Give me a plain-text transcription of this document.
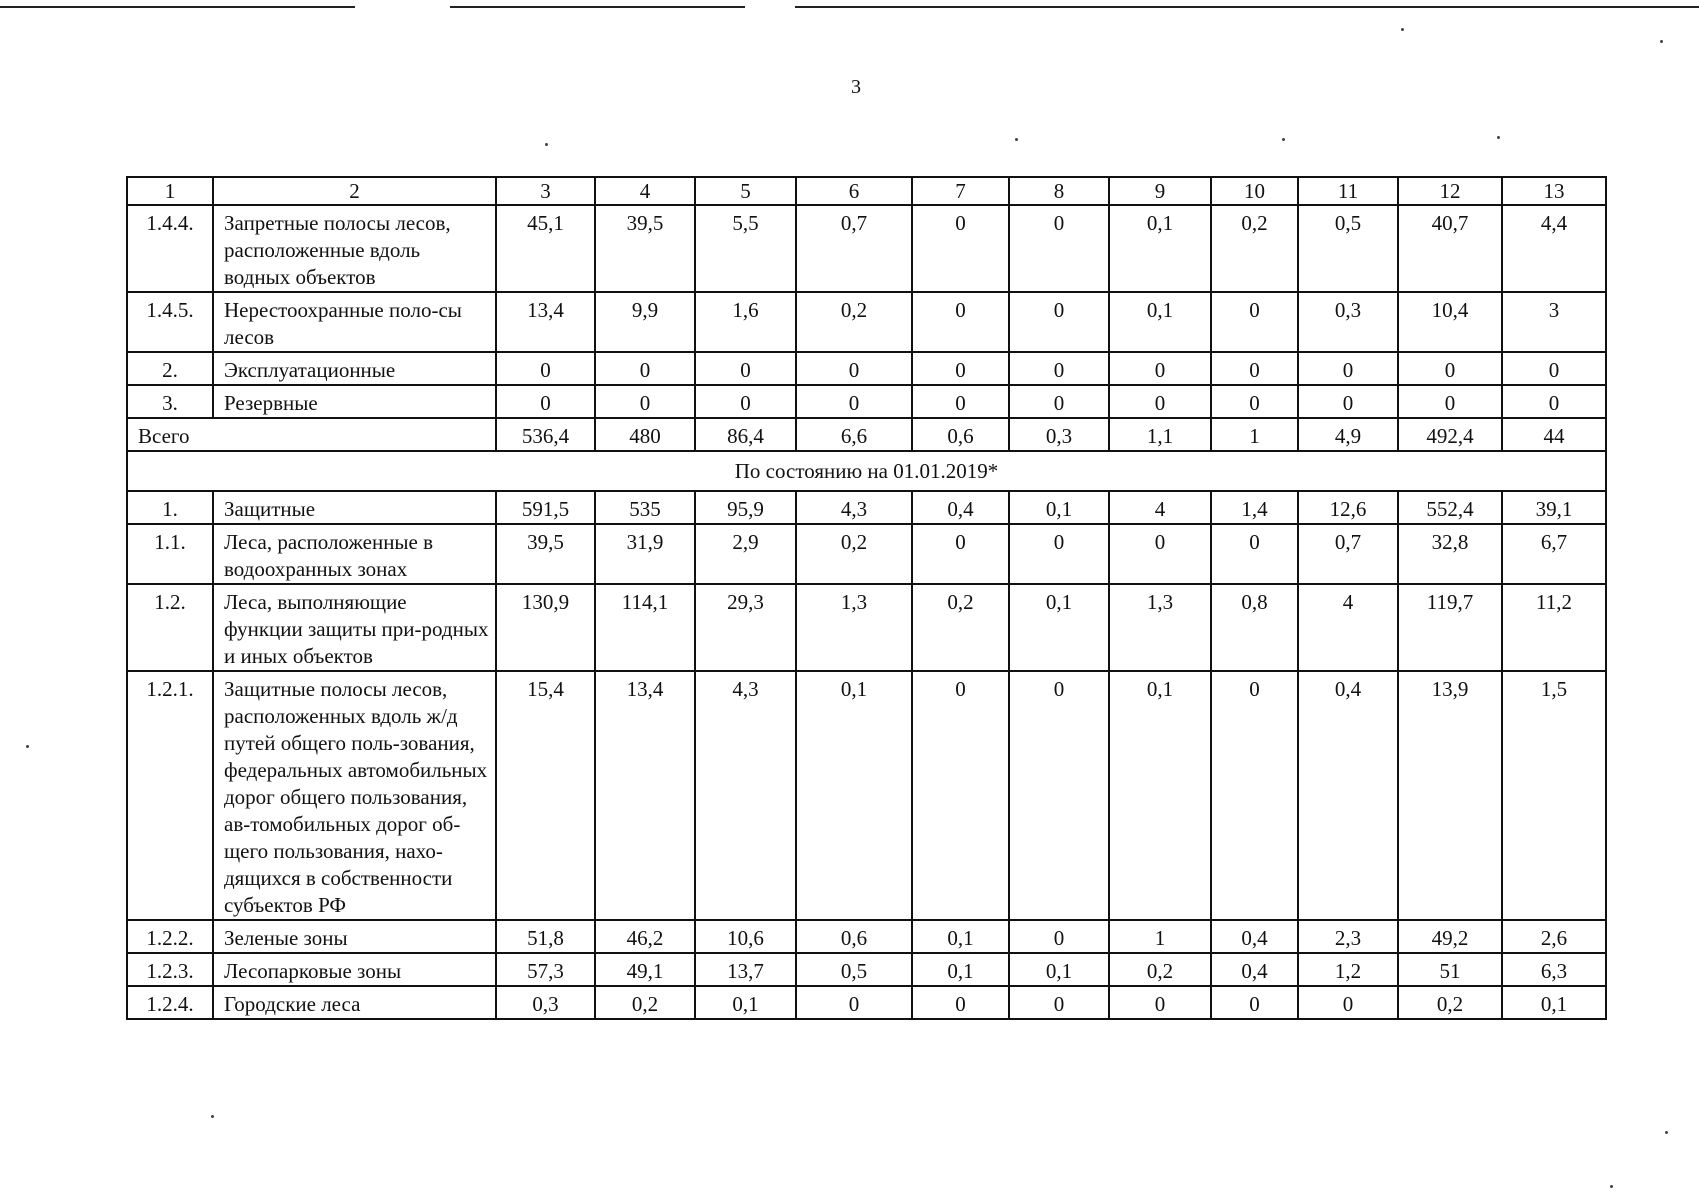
3
1	2	3	4	5	6	7	8	9	10	11	12	13

1.4.4.	Запретные полосы лесов, расположенные вдоль водных объектов	45,1	39,5	5,5	0,7	0	0	0,1	0,2	0,5	40,7	4,4

1.4.5.	Нерестоохранные поло-сы лесов	13,4	9,9	1,6	0,2	0	0	0,1	0	0,3	10,4	3

2.	Эксплуатационные	0	0	0	0	0	0	0	0	0	0	0

3.	Резервные	0	0	0	0	0	0	0	0	0	0	0

Всего		536,4	480	86,4	6,6	0,6	0,3	1,1	1	4,9	492,4	44

По состоянию на 01.01.2019*												

1.	Защитные	591,5	535	95,9	4,3	0,4	0,1	4	1,4	12,6	552,4	39,1

1.1.	Леса, расположенные в водоохранных зонах	39,5	31,9	2,9	0,2	0	0	0	0	0,7	32,8	6,7

1.2.	Леса, выполняющие функции защиты при-родных и иных объектов	130,9	114,1	29,3	1,3	0,2	0,1	1,3	0,8	4	119,7	11,2

1.2.1.	Защитные полосы лесов, расположенных вдоль ж/д путей общего поль-зования, федеральных автомобильных дорог общего пользования, ав-томобильных дорог об-щего пользования, нахо-дящихся в собственности субъектов РФ	15,4	13,4	4,3	0,1	0	0	0,1	0	0,4	13,9	1,5

1.2.2.	Зеленые зоны	51,8	46,2	10,6	0,6	0,1	0	1	0,4	2,3	49,2	2,6

1.2.3.	Лесопарковые зоны	57,3	49,1	13,7	0,5	0,1	0,1	0,2	0,4	1,2	51	6,3

1.2.4.	Городские леса	0,3	0,2	0,1	0	0	0	0	0	0	0,2	0,1
